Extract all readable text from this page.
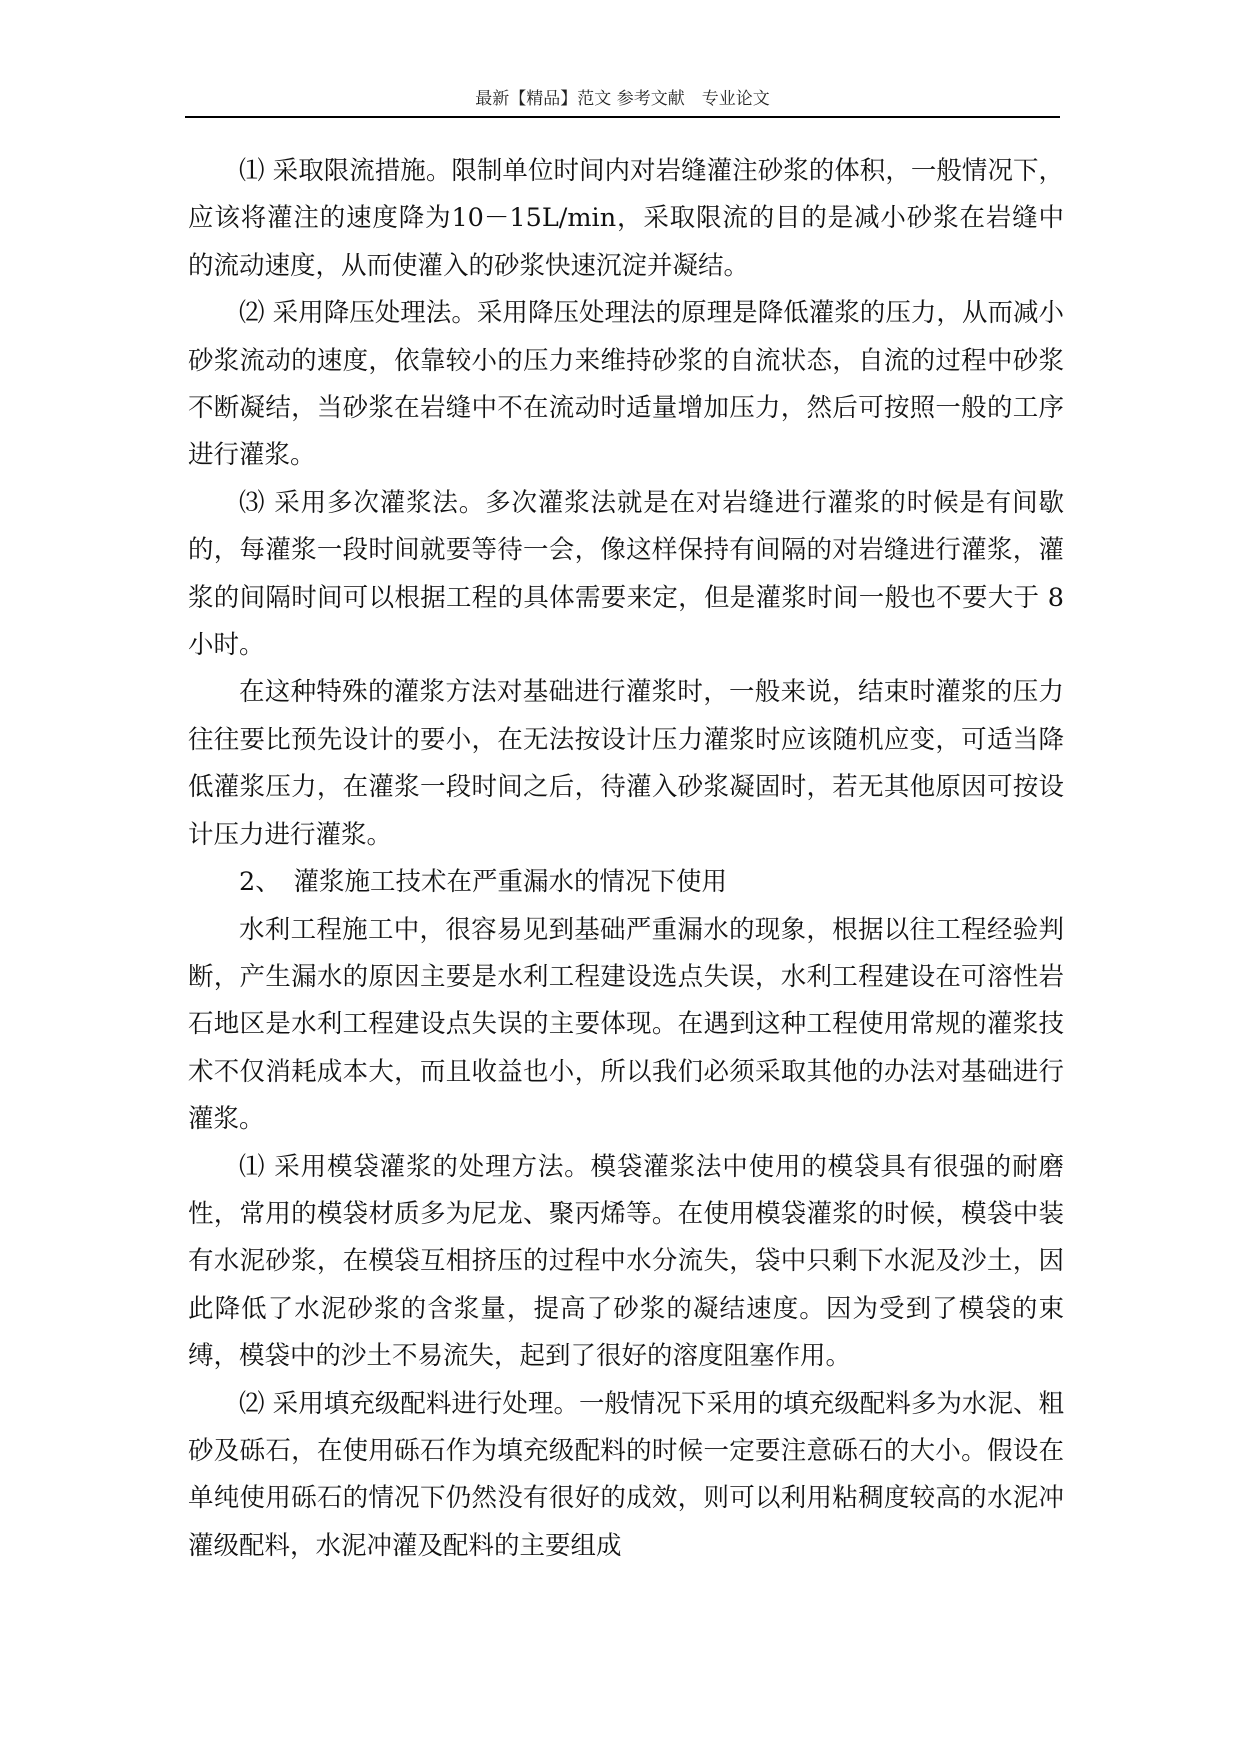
最新【精品】范文 参考文献　专业论文

⑴ 采取限流措施。限制单位时间内对岩缝灌注砂浆的体积，一般情况下，应该将灌注的速度降为10－15L/min，采取限流的目的是减小砂浆在岩缝中的流动速度，从而使灌入的砂浆快速沉淀并凝结。

⑵ 采用降压处理法。采用降压处理法的原理是降低灌浆的压力，从而减小砂浆流动的速度，依靠较小的压力来维持砂浆的自流状态，自流的过程中砂浆不断凝结，当砂浆在岩缝中不在流动时适量增加压力，然后可按照一般的工序进行灌浆。

⑶ 采用多次灌浆法。多次灌浆法就是在对岩缝进行灌浆的时候是有间歇的，每灌浆一段时间就要等待一会，像这样保持有间隔的对岩缝进行灌浆，灌浆的间隔时间可以根据工程的具体需要来定，但是灌浆时间一般也不要大于 8 小时。

在这种特殊的灌浆方法对基础进行灌浆时，一般来说，结束时灌浆的压力往往要比预先设计的要小，在无法按设计压力灌浆时应该随机应变，可适当降低灌浆压力，在灌浆一段时间之后，待灌入砂浆凝固时，若无其他原因可按设计压力进行灌浆。

2、　灌浆施工技术在严重漏水的情况下使用

水利工程施工中，很容易见到基础严重漏水的现象，根据以往工程经验判断，产生漏水的原因主要是水利工程建设选点失误，水利工程建设在可溶性岩石地区是水利工程建设点失误的主要体现。在遇到这种工程使用常规的灌浆技术不仅消耗成本大，而且收益也小，所以我们必须采取其他的办法对基础进行灌浆。

⑴ 采用模袋灌浆的处理方法。模袋灌浆法中使用的模袋具有很强的耐磨性，常用的模袋材质多为尼龙、聚丙烯等。在使用模袋灌浆的时候，模袋中装有水泥砂浆，在模袋互相挤压的过程中水分流失，袋中只剩下水泥及沙土，因此降低了水泥砂浆的含浆量，提高了砂浆的凝结速度。因为受到了模袋的束缚，模袋中的沙土不易流失，起到了很好的溶度阻塞作用。

⑵ 采用填充级配料进行处理。一般情况下采用的填充级配料多为水泥、粗砂及砾石，在使用砾石作为填充级配料的时候一定要注意砾石的大小。假设在单纯使用砾石的情况下仍然没有很好的成效，则可以利用粘稠度较高的水泥冲灌级配料，水泥冲灌及配料的主要组成
